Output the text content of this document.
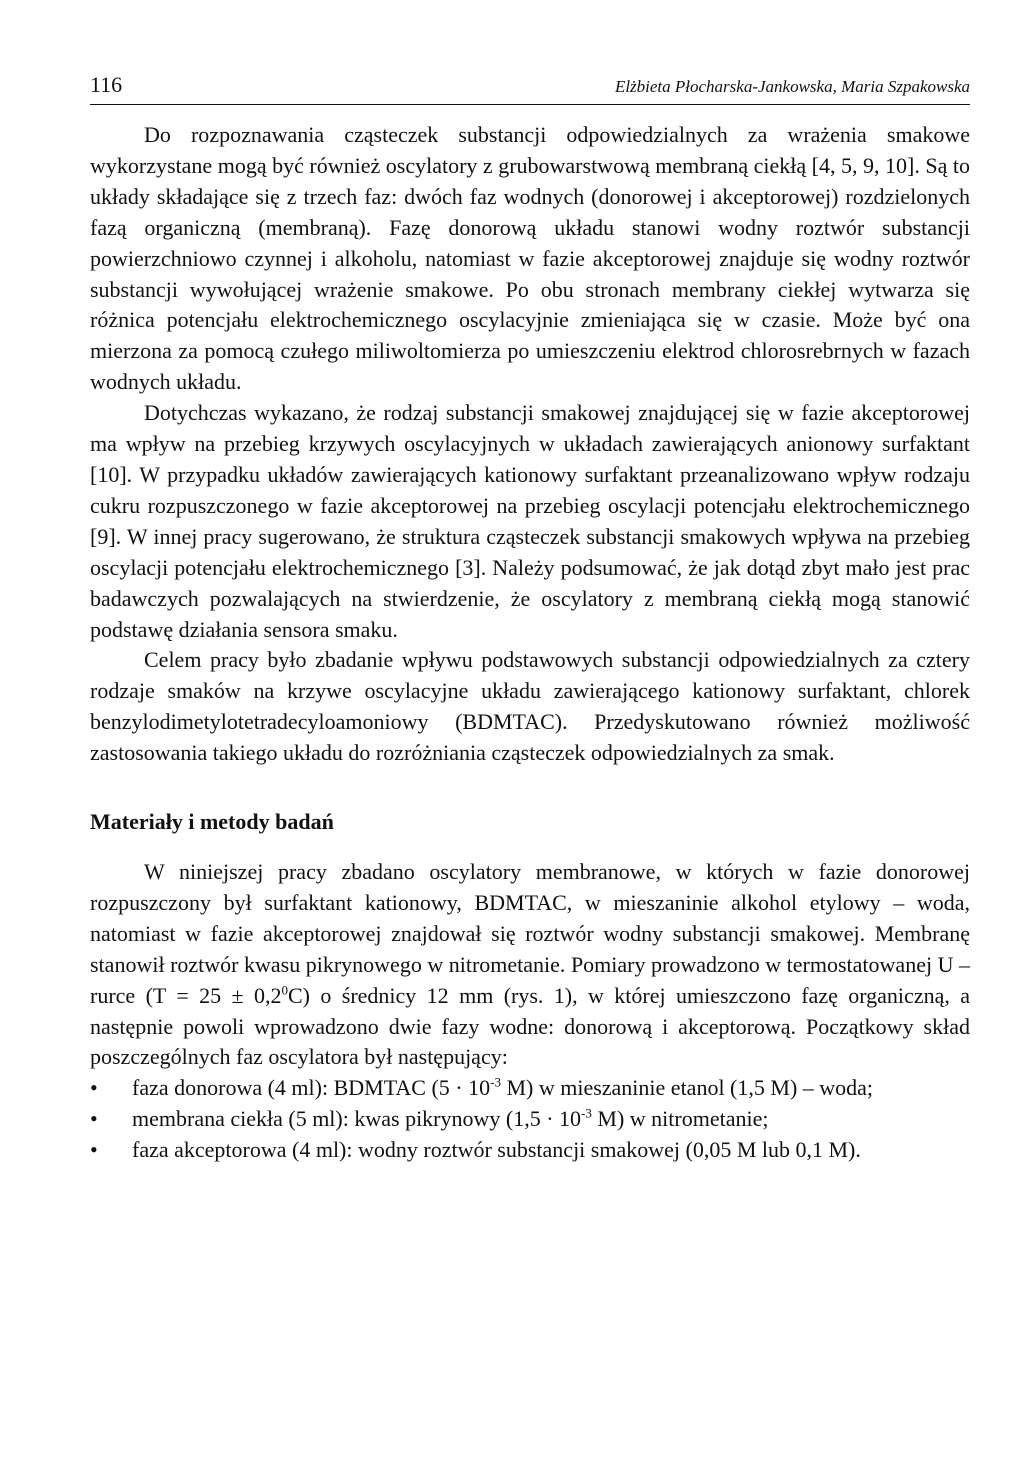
116	Elżbieta Płocharska-Jankowska, Maria Szpakowska

Do rozpoznawania cząsteczek substancji odpowiedzialnych za wrażenia smakowe wykorzystane mogą być również oscylatory z grubowarstwową membraną ciekłą [4, 5, 9, 10]. Są to układy składające się z trzech faz: dwóch faz wodnych (donorowej i akceptorowej) rozdzielonych fazą organiczną (membraną). Fazę donorową układu stanowi wodny roztwór substancji powierzchniowo czynnej i alkoholu, natomiast w fazie akceptorowej znajduje się wodny roztwór substancji wywołującej wrażenie smakowe. Po obu stronach membrany ciekłej wytwarza się różnica potencjału elektrochemicznego oscylacyjnie zmieniająca się w czasie. Może być ona mierzona za pomocą czułego miliwoltomierza po umieszczeniu elektrod chlorosrebrnych w fazach wodnych układu.

Dotychczas wykazano, że rodzaj substancji smakowej znajdującej się w fazie akceptorowej ma wpływ na przebieg krzywych oscylacyjnych w układach zawierających anionowy surfaktant [10]. W przypadku układów zawierających kationowy surfaktant przeanalizowano wpływ rodzaju cukru rozpuszczonego w fazie akceptorowej na przebieg oscylacji potencjału elektrochemicznego [9]. W innej pracy sugerowano, że struktura cząsteczek substancji smakowych wpływa na przebieg oscylacji potencjału elektrochemicznego [3]. Należy podsumować, że jak dotąd zbyt mało jest prac badawczych pozwalających na stwierdzenie, że oscylatory z membraną ciekłą mogą stanowić podstawę działania sensora smaku.

Celem pracy było zbadanie wpływu podstawowych substancji odpowiedzialnych za cztery rodzaje smaków na krzywe oscylacyjne układu zawierającego kationowy surfaktant, chlorek benzylodimetylotetradecyloamoniowy (BDMTAC). Przedyskutowano również możliwość zastosowania takiego układu do rozróżniania cząsteczek odpowiedzialnych za smak.

Materiały i metody badań

W niniejszej pracy zbadano oscylatory membranowe, w których w fazie donorowej rozpuszczony był surfaktant kationowy, BDMTAC, w mieszaninie alkohol etylowy – woda, natomiast w fazie akceptorowej znajdował się roztwór wodny substancji smakowej. Membranę stanowił roztwór kwasu pikrynowego w nitrometanie. Pomiary prowadzono w termostatowanej U – rurce $(T = 25 \pm 0,2^0C)$ o średnicy 12 mm (rys. 1), w której umieszczono fazę organiczną, a następnie powoli wprowadzono dwie fazy wodne: donorową i akceptorową. Początkowy skład poszczególnych faz oscylatora był następujący:

• faza donorowa (4 ml): BDMTAC ($5 \cdot 10^{-3}$ M) w mieszaninie etanol (1,5 M) – woda;
• membrana ciekła (5 ml): kwas pikrynowy ($1,5 \cdot 10^{-3}$ M) w nitrometanie;
• faza akceptorowa (4 ml): wodny roztwór substancji smakowej (0,05 M lub 0,1 M).
